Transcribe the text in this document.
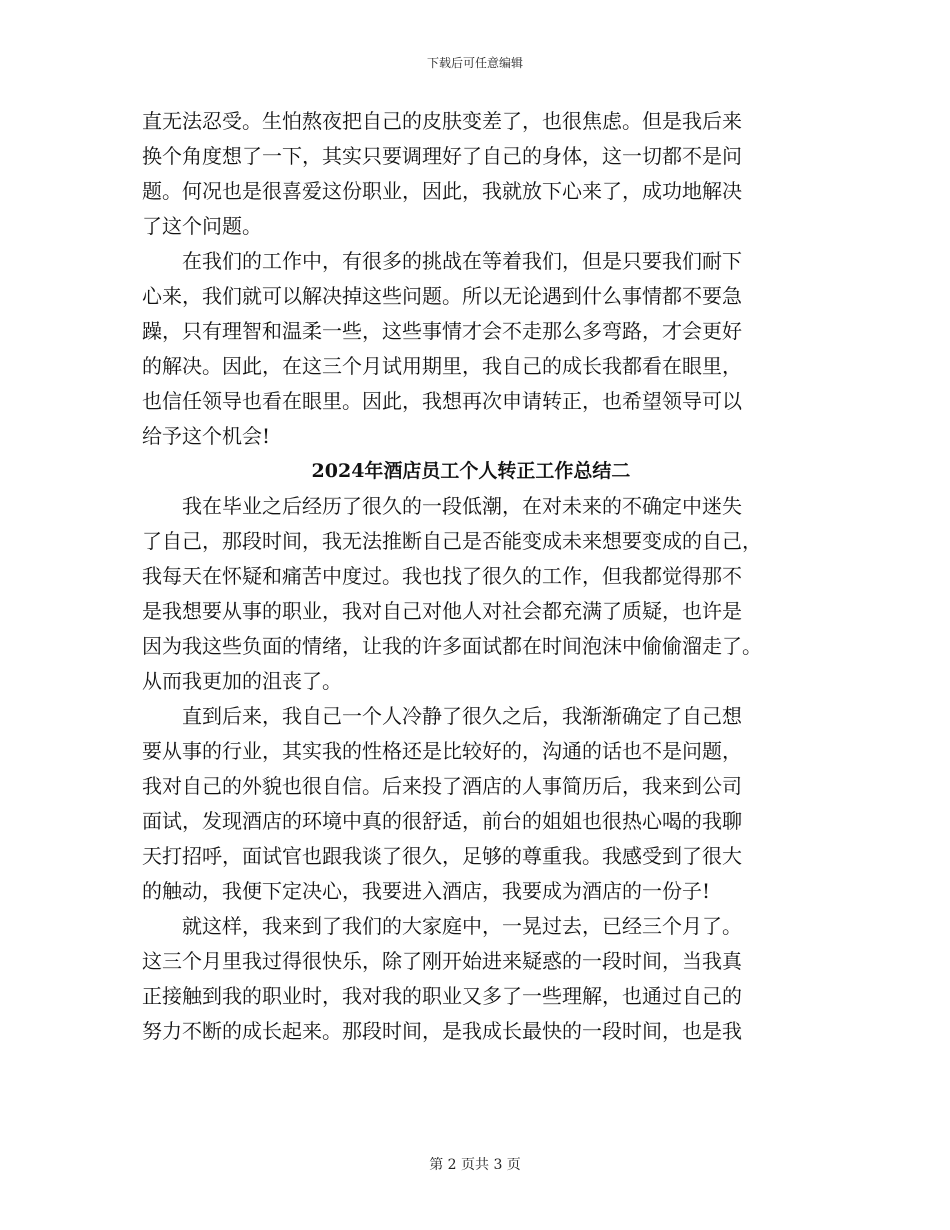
下载后可任意编辑
直无法忍受。生怕熬夜把自己的皮肤变差了，也很焦虑。但是我后来
换个角度想了一下，其实只要调理好了自己的身体，这一切都不是问
题。何况也是很喜爱这份职业，因此，我就放下心来了，成功地解决
了这个问题。
在我们的工作中，有很多的挑战在等着我们，但是只要我们耐下
心来，我们就可以解决掉这些问题。所以无论遇到什么事情都不要急
躁，只有理智和温柔一些，这些事情才会不走那么多弯路，才会更好
的解决。因此，在这三个月试用期里，我自己的成长我都看在眼里，
也信任领导也看在眼里。因此，我想再次申请转正，也希望领导可以
给予这个机会!
2024年酒店员工个人转正工作总结二
我在毕业之后经历了很久的一段低潮，在对未来的不确定中迷失
了自己，那段时间，我无法推断自己是否能变成未来想要变成的自己，
我每天在怀疑和痛苦中度过。我也找了很久的工作，但我都觉得那不
是我想要从事的职业，我对自己对他人对社会都充满了质疑，也许是
因为我这些负面的情绪，让我的许多面试都在时间泡沫中偷偷溜走了。
从而我更加的沮丧了。
直到后来，我自己一个人冷静了很久之后，我渐渐确定了自己想
要从事的行业，其实我的性格还是比较好的，沟通的话也不是问题，
我对自己的外貌也很自信。后来投了酒店的人事简历后，我来到公司
面试，发现酒店的环境中真的很舒适，前台的姐姐也很热心喝的我聊
天打招呼，面试官也跟我谈了很久，足够的尊重我。我感受到了很大
的触动，我便下定决心，我要进入酒店，我要成为酒店的一份子!
就这样，我来到了我们的大家庭中，一晃过去，已经三个月了。
这三个月里我过得很快乐，除了刚开始进来疑惑的一段时间，当我真
正接触到我的职业时，我对我的职业又多了一些理解，也通过自己的
努力不断的成长起来。那段时间，是我成长最快的一段时间，也是我
第 2 页共 3 页
